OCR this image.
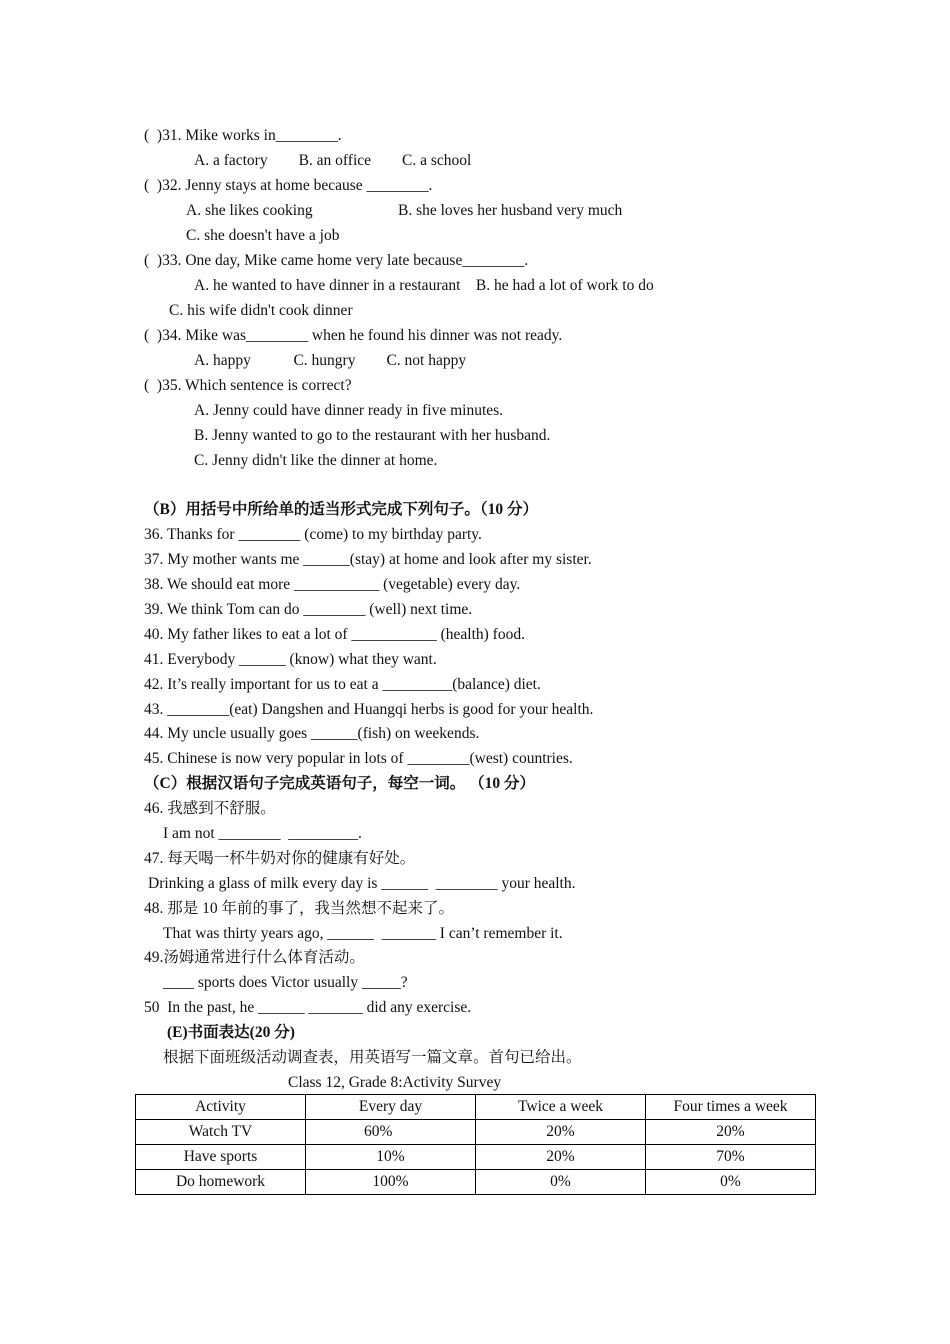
(  )31. Mike works in________.
A. a factory        B. an office        C. a school
(  )32. Jenny stays at home because ________.
A. she likes cooking	B. she loves her husband very much
C. she doesn't have a job
(  )33. One day, Mike came home very late because________.
A. he wanted to have dinner in a restaurant    B. he had a lot of work to do
C. his wife didn't cook dinner
(  )34. Mike was________ when he found his dinner was not ready.
A. happy           C. hungry        C. not happy
(  )35. Which sentence is correct?
A. Jenny could have dinner ready in five minutes.
B. Jenny wanted to go to the restaurant with her husband.
C. Jenny didn't like the dinner at home.
（B）用括号中所给单的适当形式完成下列句子。（10 分）
36. Thanks for ________ (come) to my birthday party.
37. My mother wants me ______(stay) at home and look after my sister.
38. We should eat more ___________ (vegetable) every day.
39. We think Tom can do ________ (well) next time.
40. My father likes to eat a lot of ___________ (health) food.
41. Everybody ______ (know) what they want.
42. It’s really important for us to eat a _________(balance) diet.
43. ________(eat) Dangshen and Huangqi herbs is good for your health.
44. My uncle usually goes ______(fish) on weekends.
45. Chinese is now very popular in lots of ________(west) countries.
（C）根据汉语句子完成英语句子，每空一词。 （10 分）
46. 我感到不舒服。
I am not ________  _________.
47. 每天喝一杯牛奶对你的健康有好处。
Drinking a glass of milk every day is ______  ________ your health.
48. 那是 10 年前的事了，我当然想不起来了。
That was thirty years ago, ______  _______ I can’t remember it.
49.汤姆通常进行什么体育活动。
____ sports does Victor usually _____?
50  In the past, he ______ _______ did any exercise.
(E)书面表达(20 分)
根据下面班级活动调查表，用英语写一篇文章。首句已给出。
Class 12, Grade 8:Activity Survey
Activity	Every day	Twice a week	Four times a week
Watch TV	60%	20%	20%
Have sports	10%	20%	70%
Do homework	100%	0%	0%
